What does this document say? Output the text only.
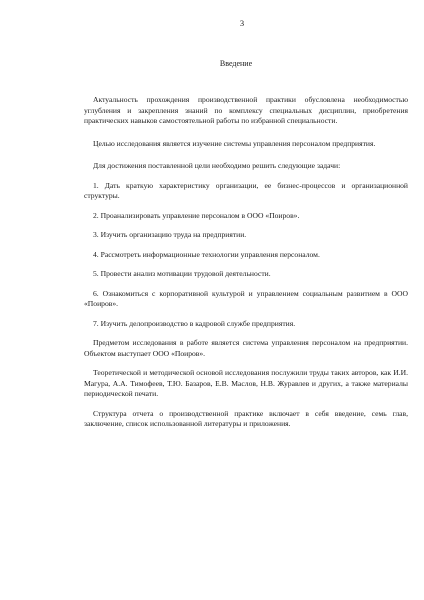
3
Введение

Актуальность прохождения производственной практики обусловлена необходимостью углубления и закрепления знаний по комплексу специальных дисциплин, приобретения практических навыков самостоятельной работы по избранной специальности.

Целью исследования является изучение системы управления персоналом предприятия.

Для достижения поставленной цели необходимо решить следующие задачи:

1. Дать краткую характеристику организации, ее бизнес-процессов и организационной структуры.

2. Проанализировать управление персоналом в ООО «Поиров».

3. Изучить организацию труда на предприятии.

4. Рассмотреть информационные технологии управления персоналом.

5. Провести анализ мотивации трудовой деятельности.

6. Ознакомиться с корпоративной культурой и управлением социальным развитием в ООО «Поиров».

7. Изучить делопроизводство в кадровой службе предприятия.

Предметом исследования в работе является система управления персоналом на предприятии. Объектом выступает ООО «Поиров».

Теоретической и методической основой исследования послужили труды таких авторов, как И.И. Магура, А.А. Тимофеев, Т.Ю. Базаров, Е.В. Маслов, Н.В. Журавлев и других, а также материалы периодической печати.

Структура отчета о производственной практике включает в себя введение, семь глав, заключение, список использованной литературы и приложения.
